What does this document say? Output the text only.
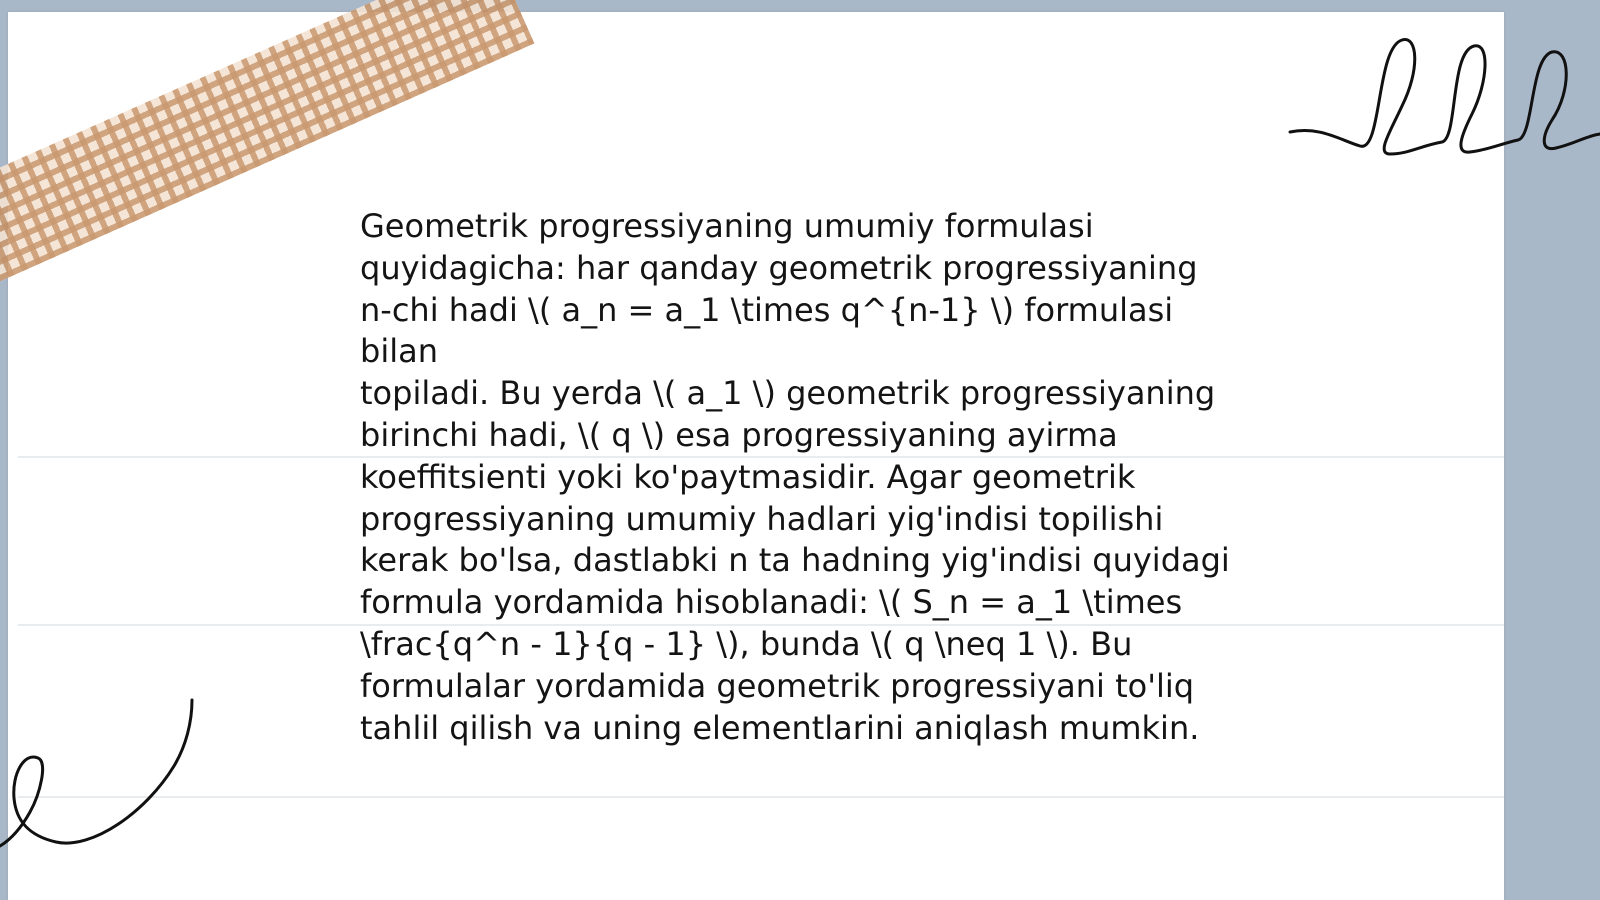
Geometrik progressiyaning umumiy formulasi
quyidagicha: har qanday geometrik progressiyaning
n-chi hadi \( a_n = a_1 \times q^{n-1} \) formulasi bilan
topiladi. Bu yerda \( a_1 \) geometrik progressiyaning
birinchi hadi, \( q \) esa progressiyaning ayirma
koeffitsienti yoki ko'paytmasidir. Agar geometrik
progressiyaning umumiy hadlari yig'indisi topilishi
kerak bo'lsa, dastlabki n ta hadning yig'indisi quyidagi
formula yordamida hisoblanadi: \( S_n = a_1 \times
\frac{q^n - 1}{q - 1} \), bunda \( q \neq 1 \). Bu
formulalar yordamida geometrik progressiyani to'liq
tahlil qilish va uning elementlarini aniqlash mumkin.
